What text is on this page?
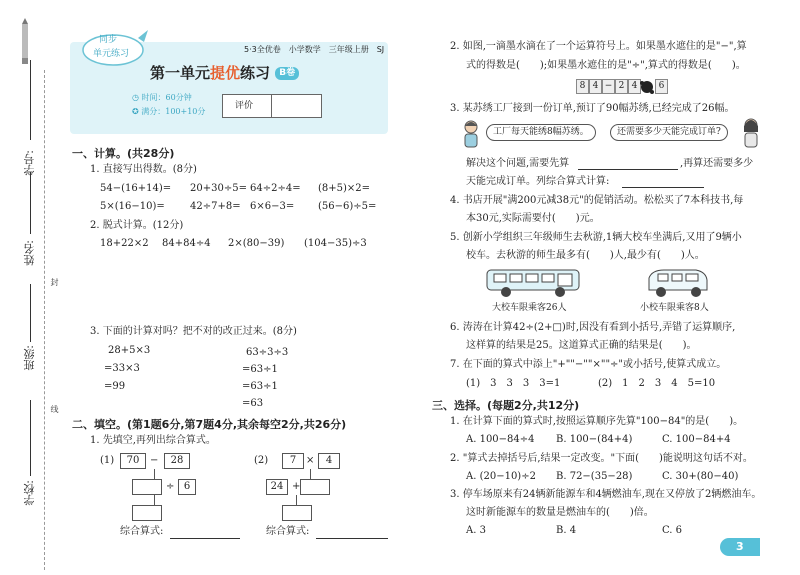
学号:
姓名:
封
班级:
线
学校:
同步
单元练习	5·3全优卷　小学数学　三年级上册　SJ
第一单元提优练习 B卷
◷ 时间：60分钟
✪ 满分：100+10分
评价
一、计算。(共28分)
1. 直接写出得数。(8分)
54−(16+14)= 20+30÷5= 64÷2÷4= (8+5)×2=
5×(16−10)=	42÷7+8= 6×6−3= (56−6)÷5=
2. 脱式计算。(12分)
18+22×2 84+84÷4 2×(80−39) (104−35)÷3
3. 下面的计算对吗？把不对的改正过来。(8分)
28+5×3
=33×3
=99
63÷3÷3
=63÷1
=63÷1
=63
二、填空。(第1题6分,第7题4分,其余每空2分,共26分)
1. 先填空,再列出综合算式。
(1)	70	−	28
÷ 6
综合算式:
(2)	7 ×	4
24 +
综合算式:
2. 如图,一滴墨水滴在了一个运算符号上。如果墨水遮住的是"−",算
式的得数是(　　);如果墨水遮住的是"÷",算式的得数是(　　)。
8 4 − 2 4	6
3. 某苏绣工厂接到一份订单,预订了90幅苏绣,已经完成了26幅。
工厂每天能绣8幅苏绣。	还需要多少天能完成订单?
解决这个问题,需要先算	,再算还需要多少
天能完成订单。列综合算式计算:
4. 书店开展"满200元减38元"的促销活动。松松买了7本科技书,每
本30元,实际需要付(　　)元。
5. 创新小学组织三年级师生去秋游,1辆大校车坐满后,又用了9辆小
校车。去秋游的师生最多有(　　)人,最少有(　　)人。
大校车限乘客26人	小校车限乘客8人
6. 涛涛在计算42÷(2+□)时,因没有看到小括号,弄错了运算顺序,
这样算的结果是25。这道算式正确的结果是(　　)。
7. 在下面的算式中添上"+""−""×""÷"或小括号,使算式成立。
(1)　3　3　3　3=1	(2)　1　2　3　4　5=10
三、选择。(每题2分,共12分)
1. 在计算下面的算式时,按照运算顺序先算"100−84"的是(　　)。
A. 100−84÷4 B. 100−(84+4)	C. 100−84+4
2. "算式去掉括号后,结果一定改变。"下面(　　)能说明这句话不对。
A. (20−10)÷2 B. 72−(35−28)	C. 30+(80−40)
3. 停车场原来有24辆新能源车和4辆燃油车,现在又停放了2辆燃油车。
这时新能源车的数量是燃油车的(　　)倍。
A. 3	B. 4	C. 6
3
